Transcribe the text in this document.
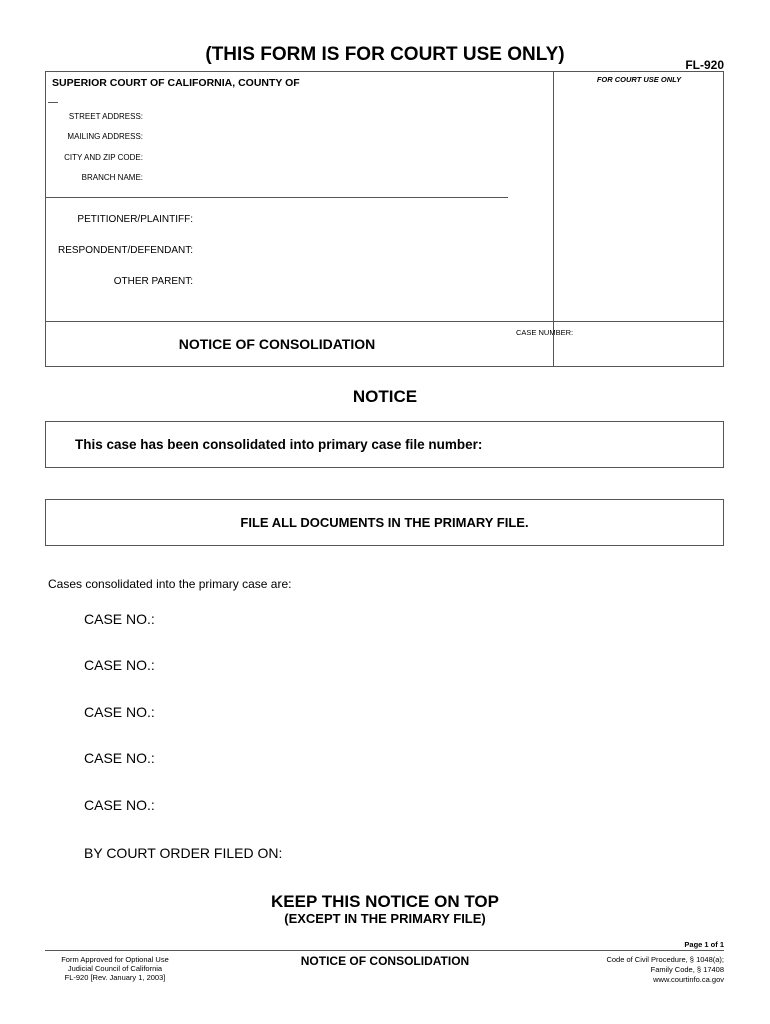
(THIS FORM IS FOR COURT USE ONLY)	FL-920
SUPERIOR COURT OF CALIFORNIA, COUNTY OF
STREET ADDRESS:
MAILING ADDRESS:
CITY AND ZIP CODE:
BRANCH NAME:
PETITIONER/PLAINTIFF:
RESPONDENT/DEFENDANT:
OTHER PARENT:
FOR COURT USE ONLY
CASE NUMBER:
NOTICE OF CONSOLIDATION
NOTICE
This case has been consolidated into primary case file number:
FILE ALL DOCUMENTS IN THE PRIMARY FILE.
Cases consolidated into the primary case are:
CASE NO.:
CASE NO.:
CASE NO.:
CASE NO.:
CASE NO.:
BY COURT ORDER FILED ON:
KEEP THIS NOTICE ON TOP
(EXCEPT IN THE PRIMARY FILE)
Page 1 of 1
Form Approved for Optional Use
Judicial Council of California
FL-920 [Rev. January 1, 2003]
NOTICE OF CONSOLIDATION	Code of Civil Procedure, § 1048(a);
Family Code, § 17408
www.courtinfo.ca.gov
